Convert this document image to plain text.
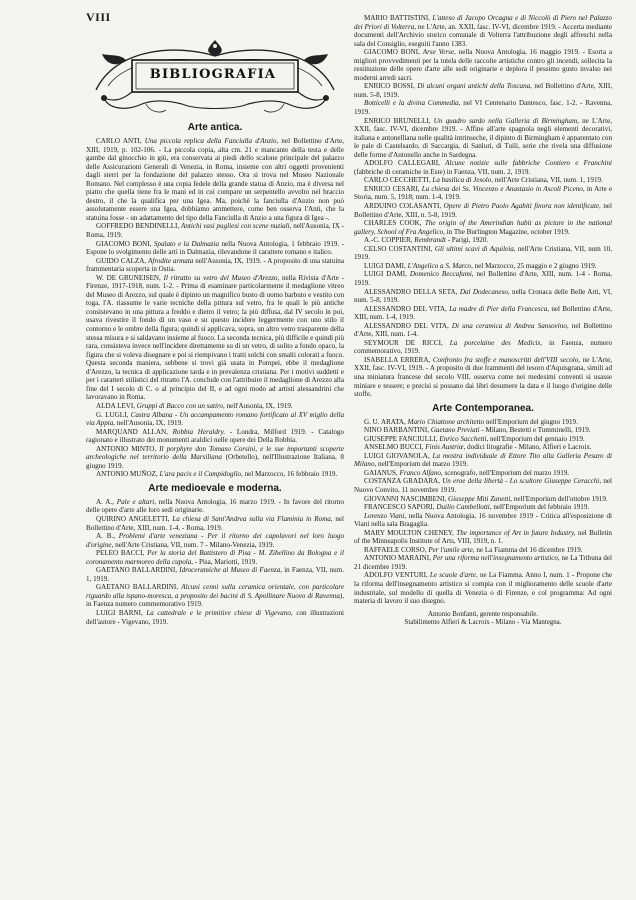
VIII
BIBLIOGRAFIA
Arte antica.

CARLO ANTI, Una piccola replica della Fanciulla d'Anzio, nel Bollettino d'Arte, XIII, 1919, p. 102-106. - La piccola copia, alta cm. 21 e mancante della testa e delle gambe dal ginocchio in giù, era conservata ai piedi dello scalone principale del palazzo delle Assicurazioni Generali di Venezia, in Roma, insieme con altri oggetti provenienti dagli sterri per la fondazione del palazzo stesso. Ora si trova nel Museo Nazionale Romano. Nel complesso è una copia fedele della grande statua di Anzio, ma è diversa nel piatto che quella tiene fra le mani ed in cui compare un serpentello avvolto nel braccio destro, il che la qualifica per una Igea. Ma, poichè la fanciulla d'Anzio non può assolutamente essere una Igea, dobbiamo ammettere, come ben osserva l'Anti, che la statuina fosse - un adattamento del tipo della Fanciulla di Anzio a una figura di Igea -.

GOFFREDO BENDINELLI, Antichi vasi pugliesi con scene nuziali, nell'Ausonia, IX - Roma, 1919.

GIACOMO BONI, Spalato e la Dalmazia nella Nuova Antologia, 1 febbraio 1919. - Espone lo svolgimento delle arti in Dalmazia, rilevandone il carattere romano e italico.

GUIDO CALZA, Afrodite armata nell'Ausonia, IX, 1919. - A proposito di una statuina frammentaria scoperta in Ostia.

W. DE GRUNEISEN, Il ritratto su vetro del Museo d'Arezzo, nella Rivista d'Arte - Firenze, 1917-1918, num. 1-2. - Prima di esaminare particolarmente il medaglione vitreo del Museo di Arezzo, sul quale è dipinto un magnifico busto di uomo barbuto e vestito con toga, l'A. riassume le varie tecniche della pittura sul vetro, fra le quali le più antiche consistevano in una pittura a freddo e dietro il vetro; la più diffusa, dal IV secolo in poi, usava rivestire il fondo di un vaso e su questo incidere leggermente con uno stilo il contorno e le ombre della figura; quindi si applicava, sopra, un altro vetro trasparente della stessa misura e si saldavano insieme al fuoco. La seconda tecnica, più difficile e quindi più rara, consisteva invece nell'incidere direttamente su di un vetro, di solito a fondo opaco, la figura che si voleva disegnare e poi si riempivano i tratti solchi con smalti colorati a fuoco. Questa seconda maniera, sebbene si trovi già usata in Pompei, ebbe il medaglione d'Arezzo, la tecnica di applicazione tarda e in prevalenza cristiana. Per i motivi suddetti e per i caratteri stilistici del ritratto l'A. conclude con l'attribuire il medaglione di Arezzo alla fine del I secolo di C. o al principio del II, e ad ogni modo ad artisti alessandrini che lavoravano in Roma.

ALDA LEVI, Gruppi di Bacco con un satiro, nell'Ausonia, IX, 1919.

G. LUGLI, Castra Albana - Un accampamento romano fortificato al XV miglio della via Appia, nell'Ausonia, IX, 1919.

MARQUAND ALLAN, Robbia Heraldry. - Londra, Milford 1919. - Catalogo ragionato e illustrato dei monumenti araldici nelle opere dei Della Robbia.

ANTONIO MINTO, Il porphyre don Tomaso Corsini, e le sue importanti scoperte archeologiche nel territorio della Marsiliana (Orbetello), nell'Illustrazione Italiana, 8 giugno 1919.

ANTONIO MUÑOZ, L'ara pacis e il Campidoglio, nel Marzocco, 16 febbraio 1919.

Arte medioevale e moderna.

A. A., Pale e altari, nella Nuova Antologia, 16 marzo 1919. - In favore del ritorno delle opere d'arte alle loro sedi originarie.

QUIRINO ANGELETTI, La chiesa di Sant'Andrea sulla via Flaminia in Roma, nel Bollettino d'Arte, XIII, num. 1-4. - Roma, 1919.

A. B., Problemi d'arte veneziana - Per il ritorno dei capolavori nel loro luogo d'origine, nell'Arte Cristiana, VII, num. 7 - Milano-Venezia, 1919.

PELEO BACCI, Per la storia del Battistero di Pisa - M. Zibellino da Bologna e il coronamento marmoreo della cupola, - Pisa, Mariotti, 1919.

GAETANO BALLARDINI, Idroceramiche al Museo di Faenza, in Faenza, VII, num. 1, 1919.

GAETANO BALLARDINI, Alcuni cenni sulla ceramica orientale, con particolare riguardo alla ispano-moresca, a proposito dei bacini di S. Apollinare Nuovo di Ravenna), in Faenza numero commemorativo 1919.

LUIGI BARNI, La cattedrale e le primitive chiese di Vigevano, con illustrazioni dell'autore - Vigevano, 1919.

MARIO BATTISTINI, L'atteso di Jacopo Orcagna e di Niccolò di Piero nel Palazzo dei Priori di Volterra, ne L'Arte, an. XXII, fasc. IV-VI, dicembre 1919. - Accerta mediante documenti dell'Archivio storico comunale di Volterra l'attribuzione degli affreschi nella sala del Consiglio, eseguiti l'anno 1383.

GIACOMO BONI, Arse Verse, nella Nuova Antologia, 16 maggio 1919. - Esorta a migliori provvedimenti per la tutela delle raccolte artistiche contro gli incendi, sollecita la restituzione delle opere d'arte alle sedi originarie e deplora il pessimo gusto invalso nei moderni arredi sacri.

ENRICO BOSSI, Di alcuni organi antichi della Toscana, nel Bollettino d'Arte, XIII, num. 5-8, 1919.

Botticelli e la divina Commedia, nel VI Centenario Dantesco, fasc. 1-2. - Ravenna, 1919.

ENRICO BRUNELLI, Un quadro sardo nella Galleria di Birmingham, ne L'Arte, XXII, fasc. IV-VI, dicembre 1919. - Affine all'arte spagnola negli elementi decorativi, italiana e antonelliana nelle qualità intrinseche, il dipinto di Birmingham è apparentato con le pale di Castelsardo, di Saccargia, di Sanluri, di Tuili, serie che rivela una diffusione delle forme d'Antonello anche in Sardegna.

ADOLFO CALLEGARI, Alcune notizie sulle fabbriche Contiero e Franchini (fabbriche di ceramiche in Este) in Faenza, VII, num. 2, 1919.

CARLO CECCHETTI, La basilica di Jesolo, nell'Arte Cristiana, VII, num. 1, 1919.

ENRICO CESARI, La chiesa dei Ss. Vincenzo e Anastasio in Ascoli Piceno, in Arte e Storia, num. 5, 1918; num. 1-4, 1919.

ARDUINO COLASANTI, Opere di Pietro Paolo Agabiti finora non identificate, nel Bollettino d'Arte, XIII, n. 5-8, 1919.

CHARLES COOK, The origin of the Amerindian habit as picture in the national gallery, School of Fra Angelico, in The Burlington Magazine, october 1919.

A.-C. COPPIER, Rembrandt - Parigi, 1920.

CELSO COSTANTINI, Gli ultimi scavi di Aquileia, nell'Arte Cristiana, VII, num 10, 1919.

LUIGI DAMI, L'Angelico a S. Marco, nel Marzocco, 25 maggio e 2 giugno 1919.

LUIGI DAMI, Domenico Beccafumi, nel Bollettino d'Arte, XIII, num. 1-4 - Roma, 1919.

ALESSANDRO DELLA SETA, Dal Dodecaneso, nella Cronaca delle Belle Arti, VI, num. 5-8, 1919.

ALESSANDRO DEL VITA, La madre di Pier della Francesca, nel Bollettino d'Arte, XIII, num. 1-4, 1919.

ALESSANDRO DEL VITA, Di una ceramica di Andrea Sansovino, nel Bollettino d'Arte, XIII, num. 1-4.

SEYMOUR DE RICCI, La porcelaine des Medicis, in Faenza, numero commemorativo, 1919.

ISABELLA ERRERA, Confronto fra stoffe e manoscritti dell'VIII secolo, ne L'Arte, XXII, fasc. IV-VI, 1919. - A proposito di due frammenti del tesoro d'Aquisgrana, simili ad una miniatura francese del secolo VIII, osserva come nei medesimi conventi si usasse miniare e tessere; e precisi si possano dai libri desumere la data e il luogo d'origine delle stoffe.

Arte Contemporanea.

G. U. ARATA, Mario Chiattone architetto nell'Emporium del giugno 1919.

NINO BARBANTINI, Gaetano Previati - Milano, Bestetti e Tumminelli, 1919.

GIUSEPPE FANCIULLI, Enrico Sacchetti, nell'Emporium del gennaio 1919.

ANSELMO BUCCI, Finis Austriæ, dodici litografie - Milano, Alfieri e Lacroix.

LUIGI GIOVANOLA, La mostra individuale di Ettore Tito alla Galleria Pesaro di Milano, nell'Emporium del marzo 1919.

GAIANUS, Franco Alfano, scenografo, nell'Emporium del marzo 1919.

COSTANZA GRADARA, Un eroe della libertà - Lo scultore Giuseppe Ceracchi, nel Nuovo Convito, 11 novembre 1919.

GIOVANNI NASCIMBENI, Giuseppe Miti Zanetti, nell'Emporium dell'ottobre 1919.

FRANCESCO SAPORI, Duilio Cambellotti, nell'Emporium del febbraio 1919.

Lorenzo Viani, nella Nuova Antologia, 16 novembre 1919 - Critica all'esposizione di Viani nella sala Bragaglia.

MARY MOULTON CHENEY, The importance of Art in future Industry, nel Bulletin of the Minneapolis Institute of Arts, VIII, 1919, n. 1.

RAFFAELE CORSO, Per l'umile arte, ne La Fiamma del 16 dicembre 1919.

ANTONIO MARAINI, Per una riforma nell'insegnamento artistico, ne La Tribuna del 21 dicembre 1919.

ADOLFO VENTURI, Le scuole d'arte, ne La Fiamma. Anno I, num. 1 - Propone che la riforma dell'insegnamento artistico si compia con il miglioramento delle scuole d'arte industriale, sul modello di quella di Venezia o di Firenze, e col programma: Ad ogni materia di lavoro il suo disegno.

Antonio Bonfanti, gerente responsabile.
Stabilimento Alfieri & Lacroix - Milano - Via Mantegna.
